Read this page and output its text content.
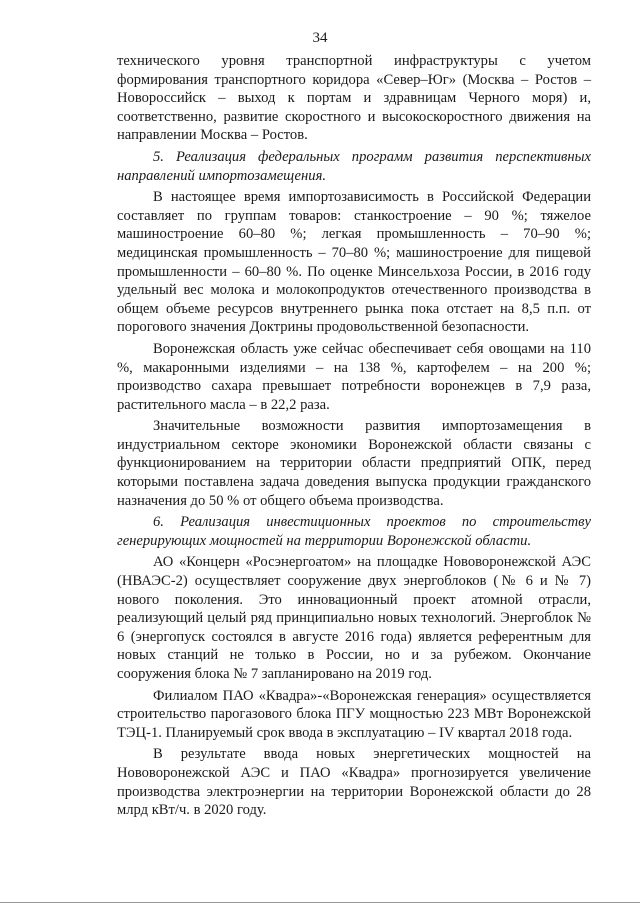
34

технического уровня транспортной инфраструктуры с учетом формирования транспортного коридора «Север–Юг» (Москва – Ростов – Новороссийск – выход к портам и здравницам Черного моря) и, соответственно, развитие скоростного и высокоскоростного движения на направлении Москва – Ростов.

5. Реализация федеральных программ развития перспективных направлений импортозамещения.

В настоящее время импортозависимость в Российской Федерации составляет по группам товаров: станкостроение – 90 %; тяжелое машиностроение 60–80 %; легкая промышленность – 70–90 %; медицинская промышленность – 70–80 %; машиностроение для пищевой промышленности – 60–80 %. По оценке Минсельхоза России, в 2016 году удельный вес молока и молокопродуктов отечественного производства в общем объеме ресурсов внутреннего рынка пока отстает на 8,5 п.п. от порогового значения Доктрины продовольственной безопасности.

Воронежская область уже сейчас обеспечивает себя овощами на 110 %, макаронными изделиями – на 138 %, картофелем – на 200 %; производство сахара превышает потребности воронежцев в 7,9 раза, растительного масла – в 22,2 раза.

Значительные возможности развития импортозамещения в индустриальном секторе экономики Воронежской области связаны с функционированием на территории области предприятий ОПК, перед которыми поставлена задача доведения выпуска продукции гражданского назначения до 50 % от общего объема производства.

6. Реализация инвестиционных проектов по строительству генерирующих мощностей на территории Воронежской области.

АО «Концерн «Росэнергоатом» на площадке Нововоронежской АЭС (НВАЭС-2) осуществляет сооружение двух энергоблоков (№ 6 и № 7) нового поколения. Это инновационный проект атомной отрасли, реализующий целый ряд принципиально новых технологий. Энергоблок № 6 (энергопуск состоялся в августе 2016 года) является референтным для новых станций не только в России, но и за рубежом. Окончание сооружения блока № 7 запланировано на 2019 год.

Филиалом ПАО «Квадра»-«Воронежская генерация» осуществляется строительство парогазового блока ПГУ мощностью 223 МВт Воронежской ТЭЦ-1. Планируемый срок ввода в эксплуатацию – IV квартал 2018 года.

В результате ввода новых энергетических мощностей на Нововоронежской АЭС и ПАО «Квадра» прогнозируется увеличение производства электроэнергии на территории Воронежской области до 28 млрд кВт/ч. в 2020 году.
